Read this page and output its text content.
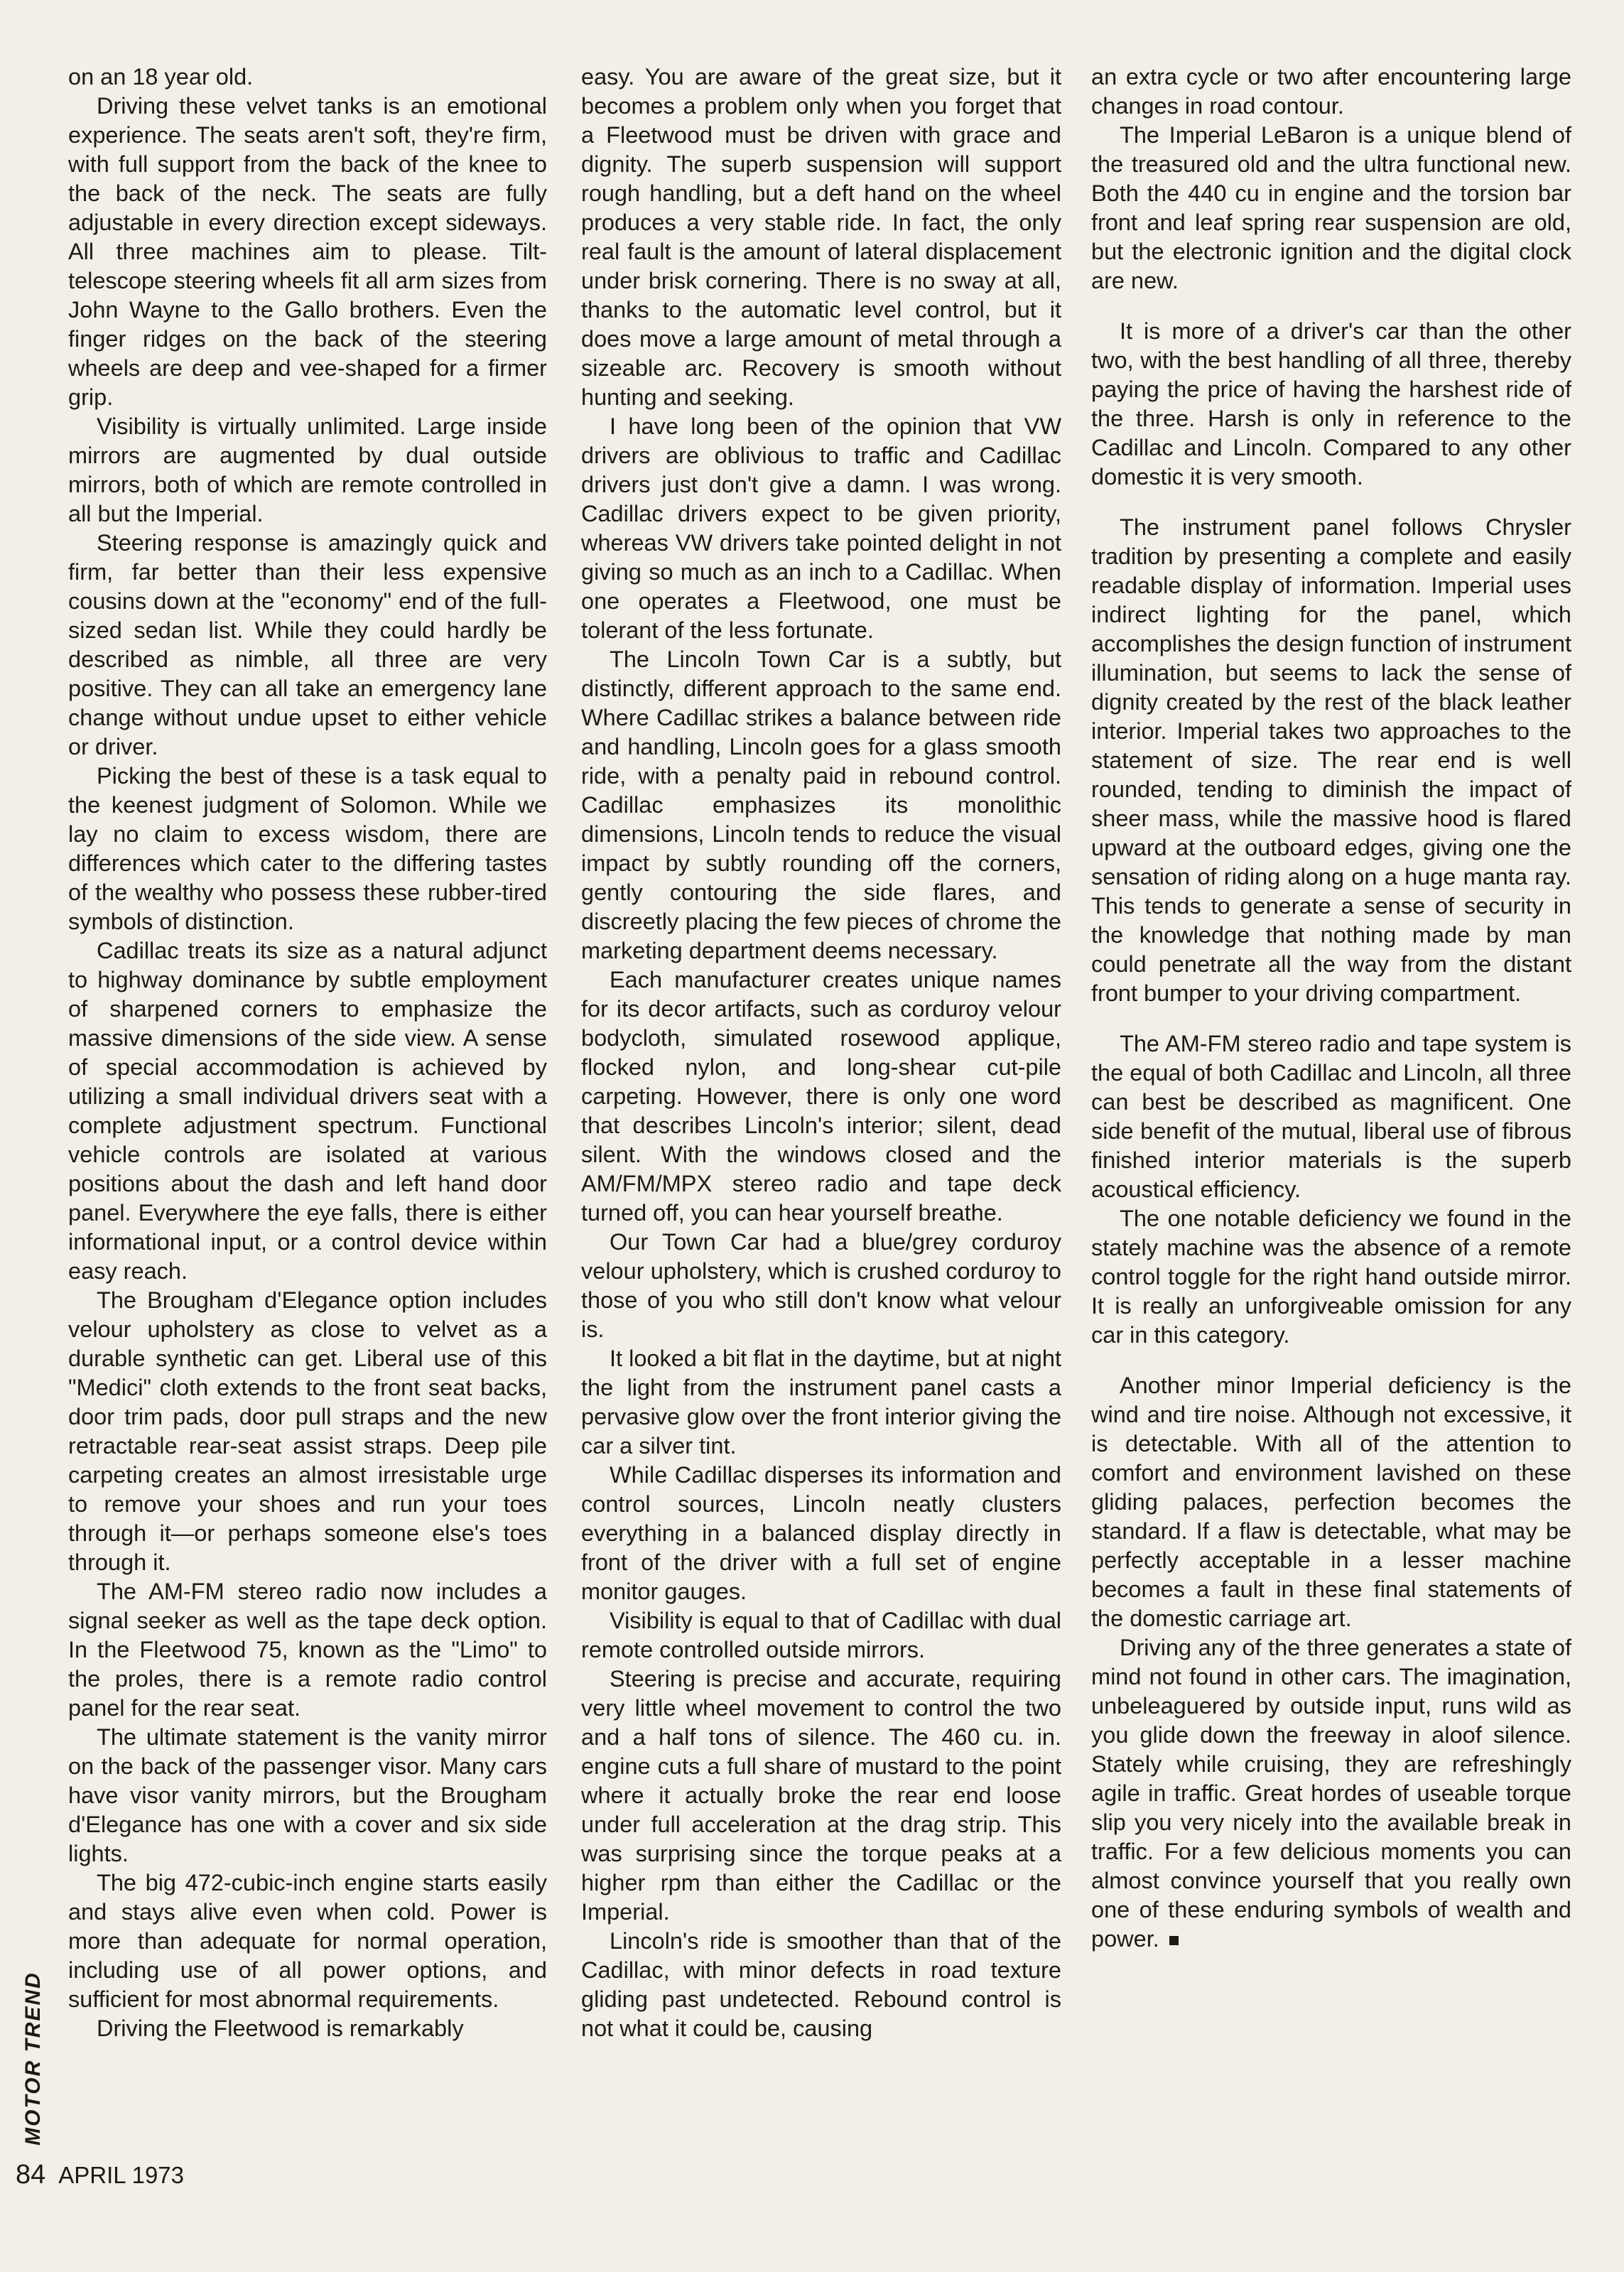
on an 18 year old.

Driving these velvet tanks is an emotional experience. The seats aren't soft, they're firm, with full support from the back of the knee to the back of the neck. The seats are fully adjustable in every direction except sideways. All three machines aim to please. Tilt-telescope steering wheels fit all arm sizes from John Wayne to the Gallo brothers. Even the finger ridges on the back of the steering wheels are deep and vee-shaped for a firmer grip.

Visibility is virtually unlimited. Large inside mirrors are augmented by dual outside mirrors, both of which are remote controlled in all but the Imperial.

Steering response is amazingly quick and firm, far better than their less expensive cousins down at the "economy" end of the full-sized sedan list. While they could hardly be described as nimble, all three are very positive. They can all take an emergency lane change without undue upset to either vehicle or driver.

Picking the best of these is a task equal to the keenest judgment of Solomon. While we lay no claim to excess wisdom, there are differences which cater to the differing tastes of the wealthy who possess these rubber-tired symbols of distinction.

Cadillac treats its size as a natural adjunct to highway dominance by subtle employment of sharpened corners to emphasize the massive dimensions of the side view. A sense of special accommodation is achieved by utilizing a small individual drivers seat with a complete adjustment spectrum. Functional vehicle controls are isolated at various positions about the dash and left hand door panel. Everywhere the eye falls, there is either informational input, or a control device within easy reach.

The Brougham d'Elegance option includes velour upholstery as close to velvet as a durable synthetic can get. Liberal use of this "Medici" cloth extends to the front seat backs, door trim pads, door pull straps and the new retractable rear-seat assist straps. Deep pile carpeting creates an almost irresistable urge to remove your shoes and run your toes through it—or perhaps someone else's toes through it.

The AM-FM stereo radio now includes a signal seeker as well as the tape deck option. In the Fleetwood 75, known as the "Limo" to the proles, there is a remote radio control panel for the rear seat.

The ultimate statement is the vanity mirror on the back of the passenger visor. Many cars have visor vanity mirrors, but the Brougham d'Elegance has one with a cover and six side lights.

The big 472-cubic-inch engine starts easily and stays alive even when cold. Power is more than adequate for normal operation, including use of all power options, and sufficient for most abnormal requirements.

Driving the Fleetwood is remarkably

easy. You are aware of the great size, but it becomes a problem only when you forget that a Fleetwood must be driven with grace and dignity. The superb suspension will support rough handling, but a deft hand on the wheel produces a very stable ride. In fact, the only real fault is the amount of lateral displacement under brisk cornering. There is no sway at all, thanks to the automatic level control, but it does move a large amount of metal through a sizeable arc. Recovery is smooth without hunting and seeking.

I have long been of the opinion that VW drivers are oblivious to traffic and Cadillac drivers just don't give a damn. I was wrong. Cadillac drivers expect to be given priority, whereas VW drivers take pointed delight in not giving so much as an inch to a Cadillac. When one operates a Fleetwood, one must be tolerant of the less fortunate.

The Lincoln Town Car is a subtly, but distinctly, different approach to the same end. Where Cadillac strikes a balance between ride and handling, Lincoln goes for a glass smooth ride, with a penalty paid in rebound control. Cadillac emphasizes its monolithic dimensions, Lincoln tends to reduce the visual impact by subtly rounding off the corners, gently contouring the side flares, and discreetly placing the few pieces of chrome the marketing department deems necessary.

Each manufacturer creates unique names for its decor artifacts, such as corduroy velour bodycloth, simulated rosewood applique, flocked nylon, and long-shear cut-pile carpeting. However, there is only one word that describes Lincoln's interior; silent, dead silent. With the windows closed and the AM/FM/MPX stereo radio and tape deck turned off, you can hear yourself breathe.

Our Town Car had a blue/grey corduroy velour upholstery, which is crushed corduroy to those of you who still don't know what velour is.

It looked a bit flat in the daytime, but at night the light from the instrument panel casts a pervasive glow over the front interior giving the car a silver tint.

While Cadillac disperses its information and control sources, Lincoln neatly clusters everything in a balanced display directly in front of the driver with a full set of engine monitor gauges.

Visibility is equal to that of Cadillac with dual remote controlled outside mirrors.

Steering is precise and accurate, requiring very little wheel movement to control the two and a half tons of silence. The 460 cu. in. engine cuts a full share of mustard to the point where it actually broke the rear end loose under full acceleration at the drag strip. This was surprising since the torque peaks at a higher rpm than either the Cadillac or the Imperial.

Lincoln's ride is smoother than that of the Cadillac, with minor defects in road texture gliding past undetected. Rebound control is not what it could be, causing

an extra cycle or two after encountering large changes in road contour.

The Imperial LeBaron is a unique blend of the treasured old and the ultra functional new. Both the 440 cu in engine and the torsion bar front and leaf spring rear suspension are old, but the electronic ignition and the digital clock are new.

It is more of a driver's car than the other two, with the best handling of all three, thereby paying the price of having the harshest ride of the three. Harsh is only in reference to the Cadillac and Lincoln. Compared to any other domestic it is very smooth.

The instrument panel follows Chrysler tradition by presenting a complete and easily readable display of information. Imperial uses indirect lighting for the panel, which accomplishes the design function of instrument illumination, but seems to lack the sense of dignity created by the rest of the black leather interior. Imperial takes two approaches to the statement of size. The rear end is well rounded, tending to diminish the impact of sheer mass, while the massive hood is flared upward at the outboard edges, giving one the sensation of riding along on a huge manta ray. This tends to generate a sense of security in the knowledge that nothing made by man could penetrate all the way from the distant front bumper to your driving compartment.

The AM-FM stereo radio and tape system is the equal of both Cadillac and Lincoln, all three can best be described as magnificent. One side benefit of the mutual, liberal use of fibrous finished interior materials is the superb acoustical efficiency.

The one notable deficiency we found in the stately machine was the absence of a remote control toggle for the right hand outside mirror. It is really an unforgiveable omission for any car in this category.

Another minor Imperial deficiency is the wind and tire noise. Although not excessive, it is detectable. With all of the attention to comfort and environment lavished on these gliding palaces, perfection becomes the standard. If a flaw is detectable, what may be perfectly acceptable in a lesser machine becomes a fault in these final statements of the domestic carriage art.

Driving any of the three generates a state of mind not found in other cars. The imagination, unbeleaguered by outside input, runs wild as you glide down the freeway in aloof silence. Stately while cruising, they are refreshingly agile in traffic. Great hordes of useable torque slip you very nicely into the available break in traffic. For a few delicious moments you can almost convince yourself that you really own one of these enduring symbols of wealth and power.

MOTOR TREND
84 APRIL 1973
